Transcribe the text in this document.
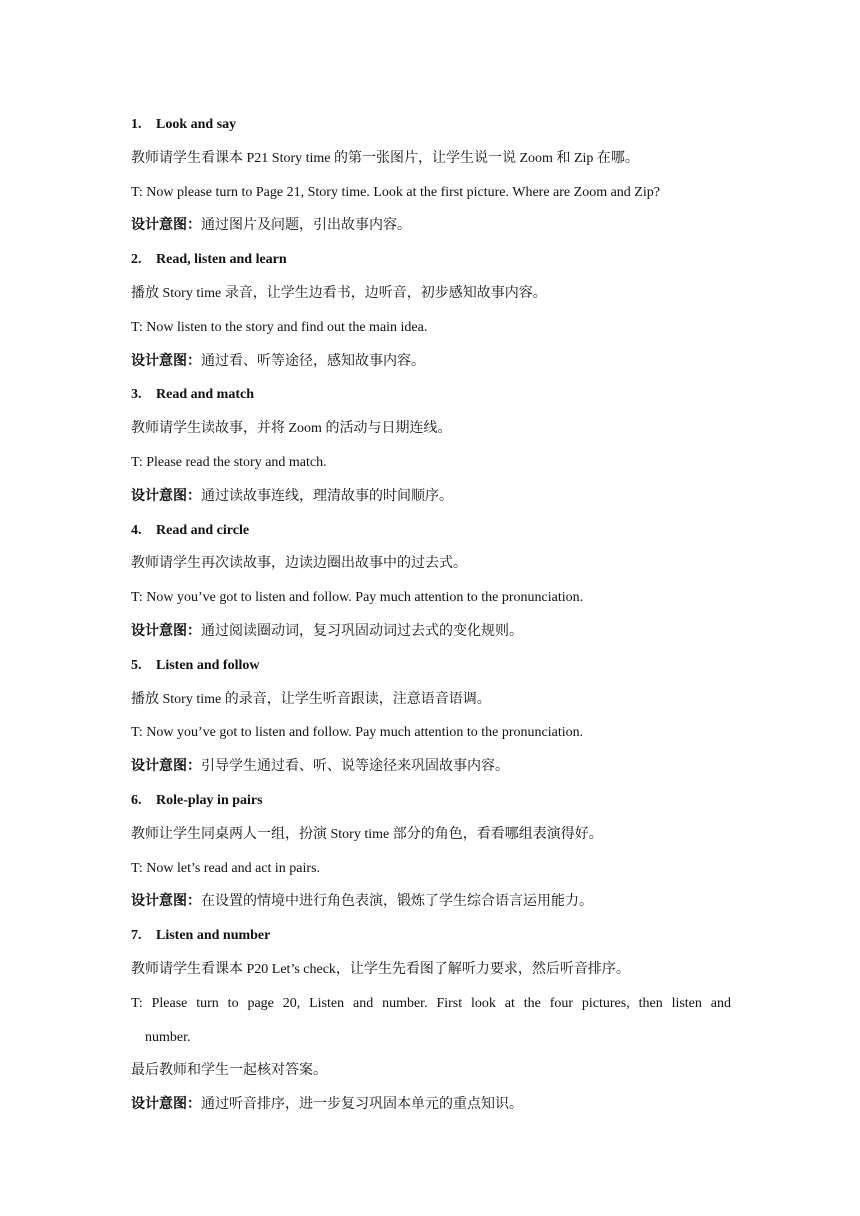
1. Look and say
教师请学生看课本 P21 Story time 的第一张图片，让学生说一说 Zoom 和 Zip 在哪。
T: Now please turn to Page 21, Story time. Look at the first picture. Where are Zoom and Zip?
设计意图：通过图片及问题，引出故事内容。
2. Read, listen and learn
播放 Story time 录音，让学生边看书，边听音，初步感知故事内容。
T: Now listen to the story and find out the main idea.
设计意图：通过看、听等途径，感知故事内容。
3. Read and match
教师请学生读故事，并将 Zoom 的活动与日期连线。
T: Please read the story and match.
设计意图：通过读故事连线，理清故事的时间顺序。
4. Read and circle
教师请学生再次读故事，边读边圈出故事中的过去式。
T: Now you’ve got to listen and follow. Pay much attention to the pronunciation.
设计意图：通过阅读圈动词，复习巩固动词过去式的变化规则。
5. Listen and follow
播放 Story time 的录音，让学生听音跟读，注意语音语调。
T: Now you’ve got to listen and follow. Pay much attention to the pronunciation.
设计意图：引导学生通过看、听、说等途径来巩固故事内容。
6. Role-play in pairs
教师让学生同桌两人一组，扮演 Story time 部分的角色，看看哪组表演得好。
T: Now let’s read and act in pairs.
设计意图：在设置的情境中进行角色表演，锻炼了学生综合语言运用能力。
7. Listen and number
教师请学生看课本 P20 Let’s check，让学生先看图了解听力要求，然后听音排序。
T: Please turn to page 20, Listen and number. First look at the four pictures, then listen and
number.
最后教师和学生一起核对答案。
设计意图：通过听音排序，进一步复习巩固本单元的重点知识。
